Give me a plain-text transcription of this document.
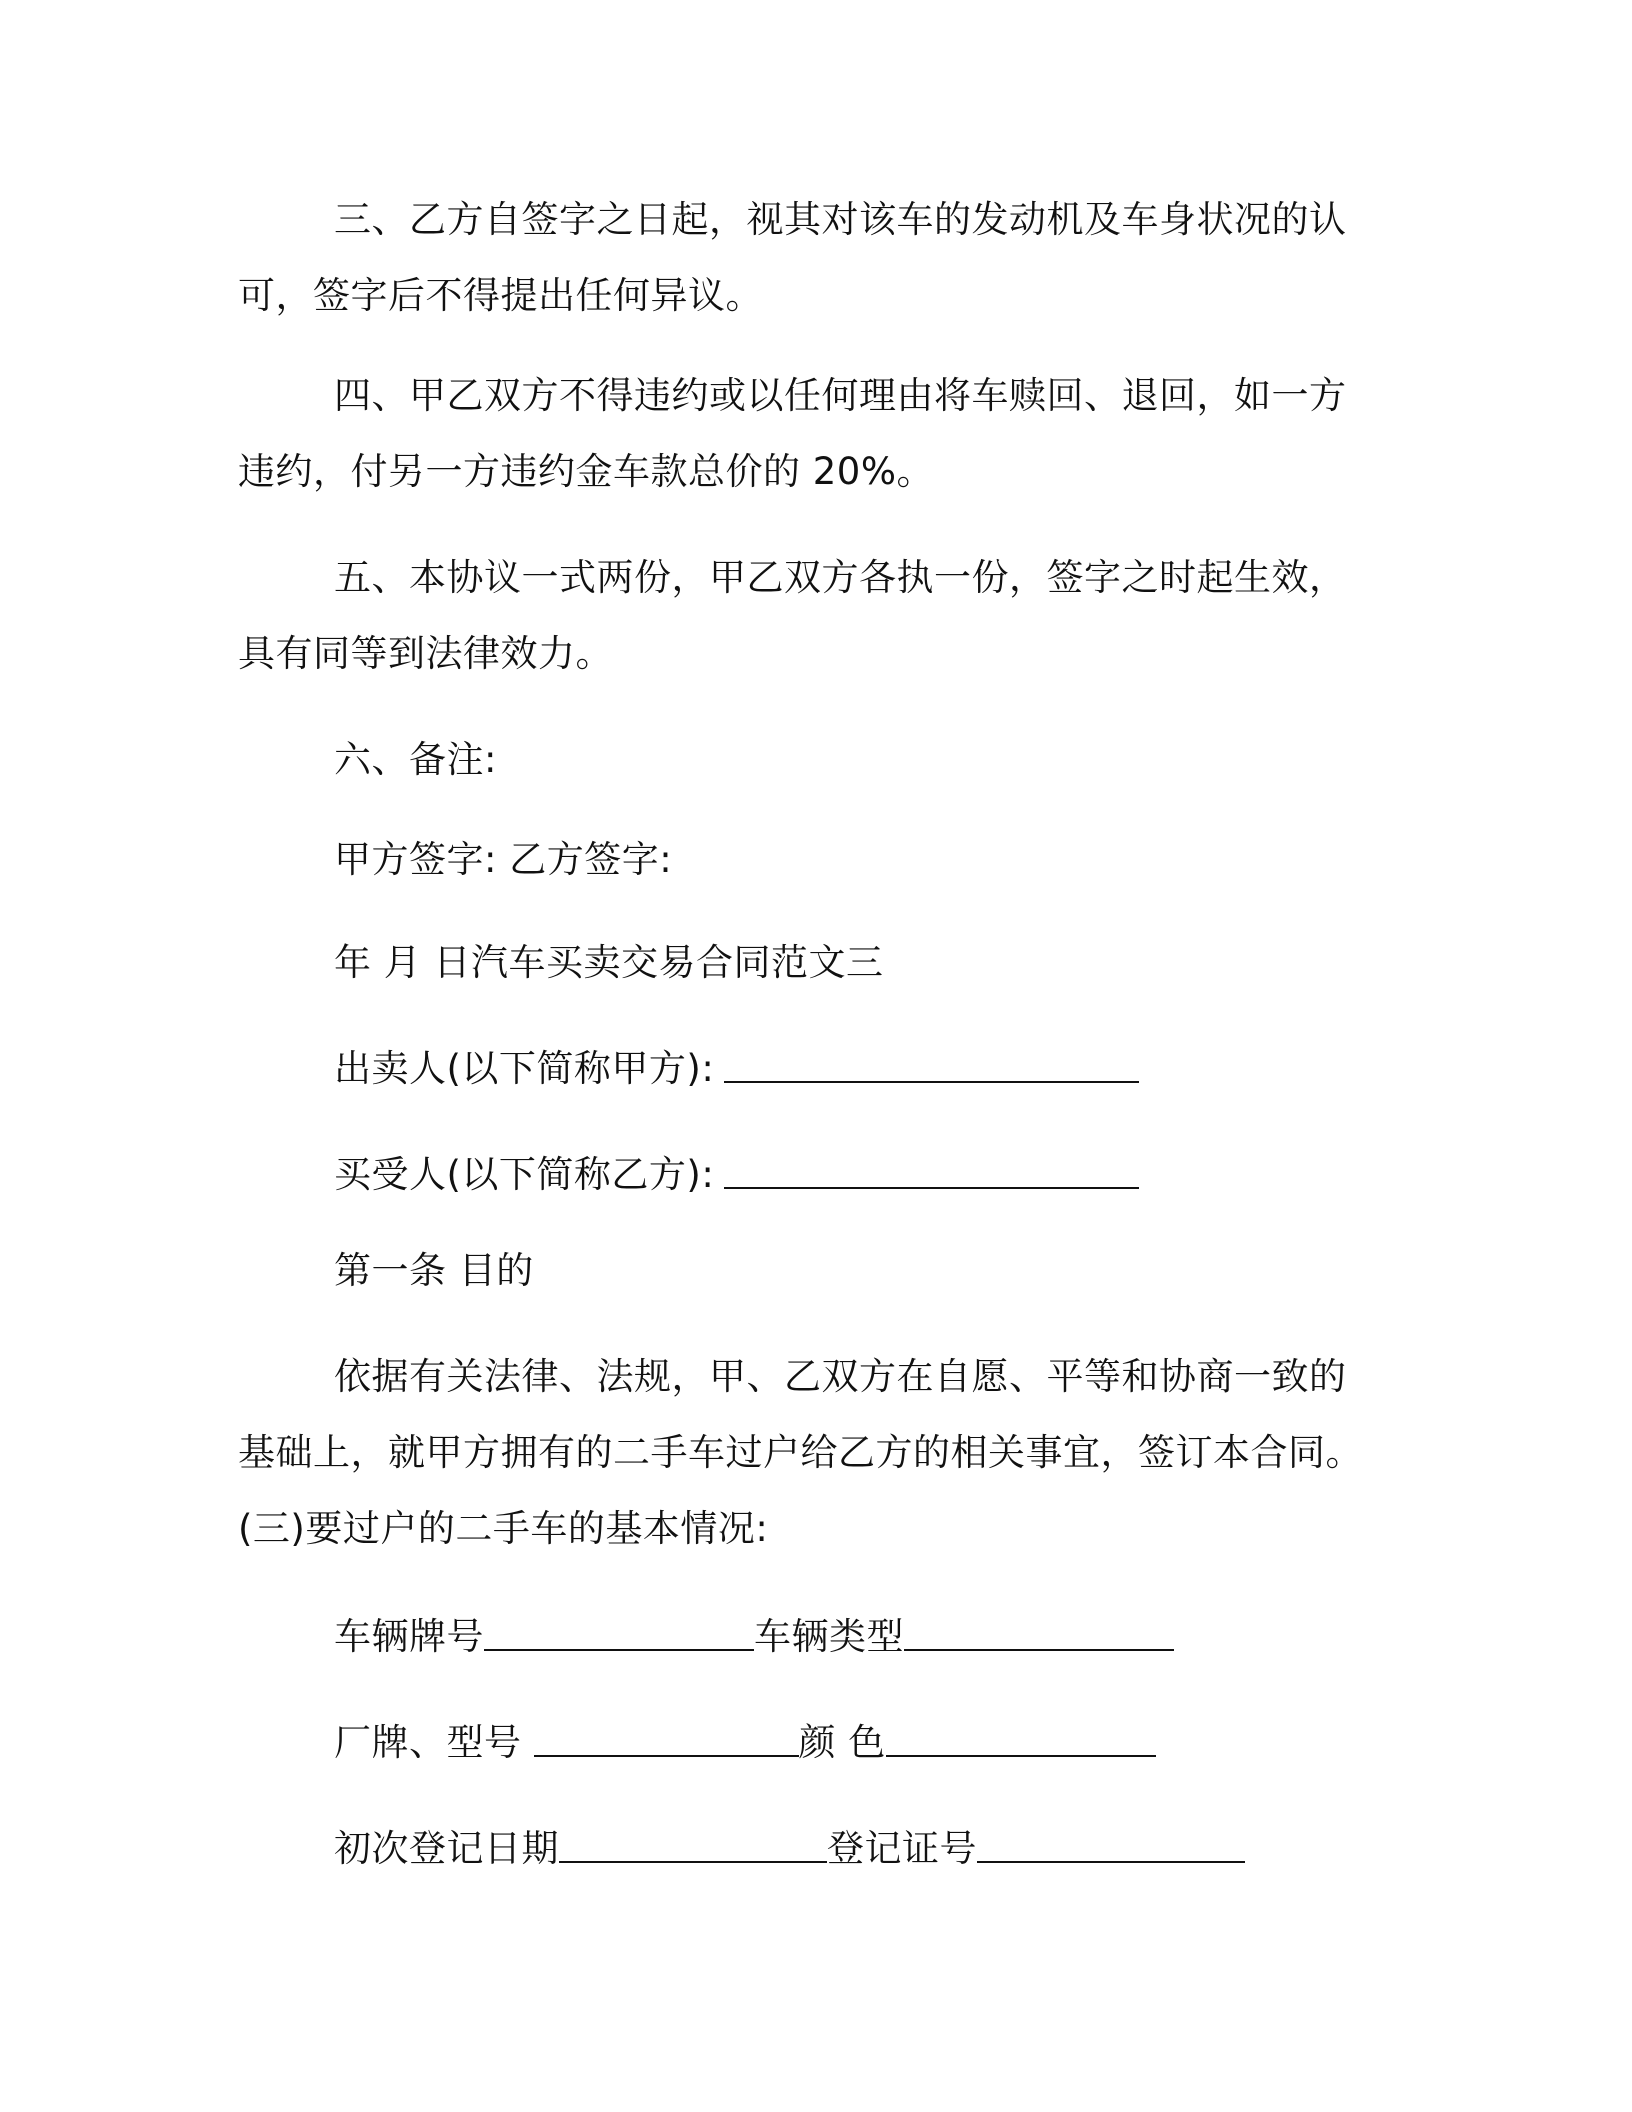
三、乙方自签字之日起，视其对该车的发动机及车身状况的认可，签字后不得提出任何异议。

四、甲乙双方不得违约或以任何理由将车赎回、退回，如一方违约，付另一方违约金车款总价的 20%。

五、本协议一式两份，甲乙双方各执一份，签字之时起生效，具有同等到法律效力。

六、备注:

甲方签字: 乙方签字:

年 月 日汽车买卖交易合同范文三

出卖人(以下简称甲方):

买受人(以下简称乙方):

第一条 目的

依据有关法律、法规，甲、乙双方在自愿、平等和协商一致的基础上，就甲方拥有的二手车过户给乙方的相关事宜，签订本合同。(三)要过户的二手车的基本情况:

车辆牌号	车辆类型

厂牌、型号	颜 色

初次登记日期	登记证号
